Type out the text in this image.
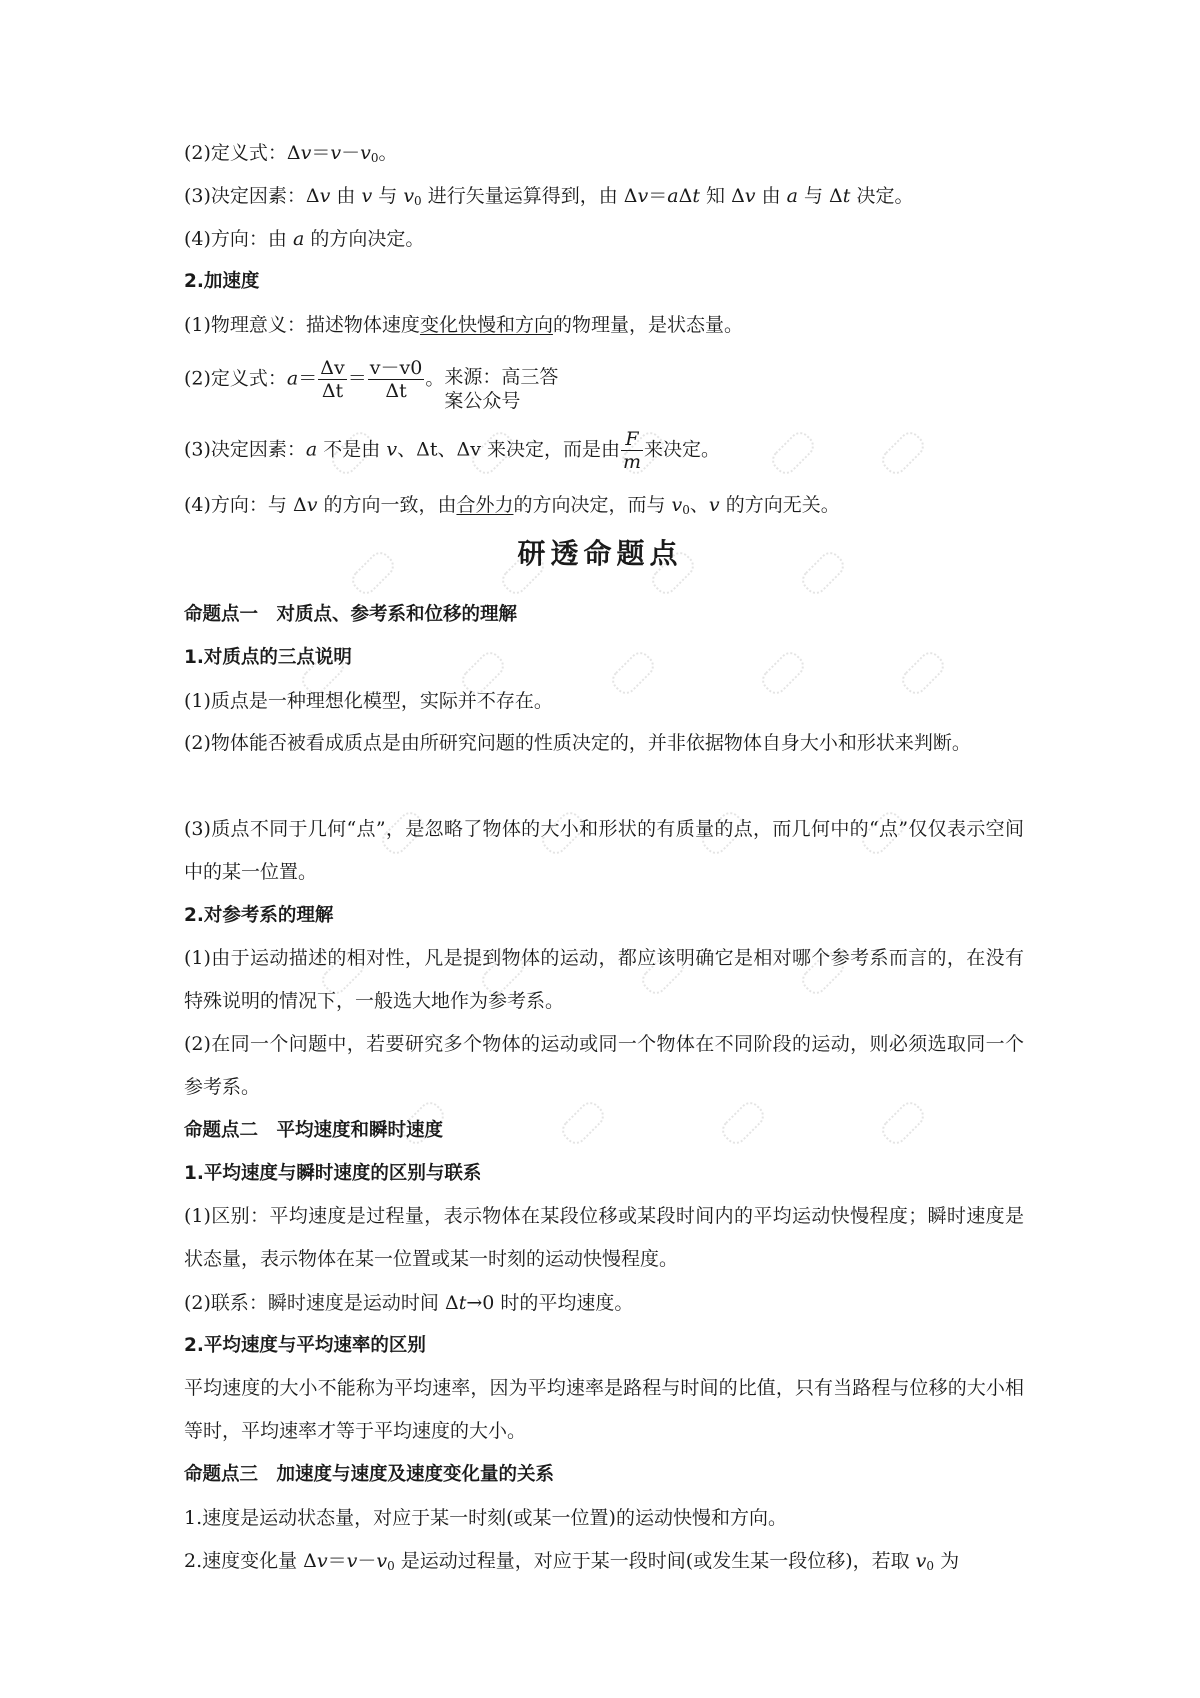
(2)定义式：$\Delta v=v-v_0$。

(3)决定因素：Δv 由 v 与 $v_0$ 进行矢量运算得到，由 Δv＝aΔt 知 Δv 由 a 与 Δt 决定。

(4)方向：由 a 的方向决定。

2.加速度

(1)物理意义：描述物体速度变化快慢和方向的物理量，是状态量。

(2)定义式：$a= \frac{\Delta v}{\Delta t} = \frac{v-v0}{\Delta t}$ 。来源：高三答案公众号

(3)决定因素：a 不是由 v、Δt、Δv 来决定，而是由 $\frac{F}{m}$ 来决定。

(4)方向：与 Δv 的方向一致，由合外力的方向决定，而与 $v_0$、v 的方向无关。

研透命题点

命题点一　对质点、参考系和位移的理解

1.对质点的三点说明

(1)质点是一种理想化模型，实际并不存在。

(2)物体能否被看成质点是由所研究问题的性质决定的，并非依据物体自身大小和形状来判断。

(3)质点不同于几何“点”，是忽略了物体的大小和形状的有质量的点，而几何中的“点”仅仅表示空间中的某一位置。

2.对参考系的理解

(1)由于运动描述的相对性，凡是提到物体的运动，都应该明确它是相对哪个参考系而言的，在没有特殊说明的情况下，一般选大地作为参考系。

(2)在同一个问题中，若要研究多个物体的运动或同一个物体在不同阶段的运动，则必须选取同一个参考系。

命题点二　平均速度和瞬时速度

1.平均速度与瞬时速度的区别与联系

(1)区别：平均速度是过程量，表示物体在某段位移或某段时间内的平均运动快慢程度；瞬时速度是状态量，表示物体在某一位置或某一时刻的运动快慢程度。

(2)联系：瞬时速度是运动时间 Δt→0 时的平均速度。

2.平均速度与平均速率的区别

平均速度的大小不能称为平均速率，因为平均速率是路程与时间的比值，只有当路程与位移的大小相等时，平均速率才等于平均速度的大小。

命题点三　加速度与速度及速度变化量的关系

1.速度是运动状态量，对应于某一时刻(或某一位置)的运动快慢和方向。

2.速度变化量 $\Delta v=v-v_0$ 是运动过程量，对应于某一段时间(或发生某一段位移)，若取 $v_0$ 为
